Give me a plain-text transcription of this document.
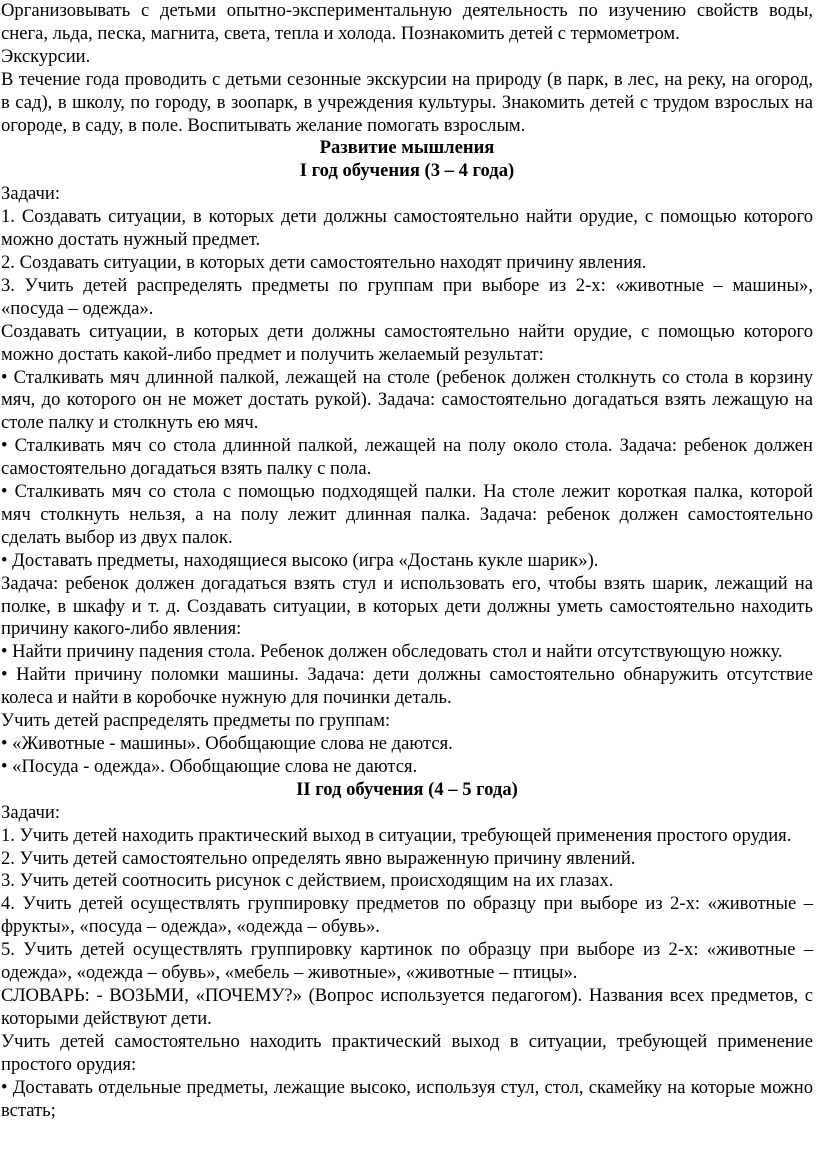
Организовывать с детьми опытно-экспериментальную деятельность по изучению свойств воды, снега, льда, песка, магнита, света, тепла и холода. Познакомить детей с термометром.

Экскурсии.

В течение года проводить с детьми сезонные экскурсии на природу (в парк, в лес, на реку, на огород, в сад), в школу, по городу, в зоопарк, в учреждения культуры. Знакомить детей с трудом взрослых на огороде, в саду, в поле. Воспитывать желание помогать взрослым.

Развитие мышления

I год обучения (3 – 4 года)

Задачи:

1. Создавать ситуации, в которых дети должны самостоятельно найти орудие, с помощью которого можно достать нужный предмет.

2. Создавать ситуации, в которых дети самостоятельно находят причину явления.

3. Учить детей распределять предметы по группам при выборе из 2-х: «животные – машины», «посуда – одежда».

Создавать ситуации, в которых дети должны самостоятельно найти орудие, с помощью которого можно достать какой-либо предмет и получить желаемый результат:

• Сталкивать мяч длинной палкой, лежащей на столе (ребенок должен столкнуть со стола в корзину мяч, до которого он не может достать рукой). Задача: самостоятельно догадаться взять лежащую на столе палку и столкнуть ею мяч.

• Сталкивать мяч со стола длинной палкой, лежащей на полу около стола. Задача: ребенок должен самостоятельно догадаться взять палку с пола.

• Сталкивать мяч со стола с помощью подходящей палки. На столе лежит короткая палка, которой мяч столкнуть нельзя, а на полу лежит длинная палка. Задача: ребенок должен самостоятельно сделать выбор из двух палок.

• Доставать предметы, находящиеся высоко (игра «Достань кукле шарик»).

Задача: ребенок должен догадаться взять стул и использовать его, чтобы взять шарик, лежащий на полке, в шкафу и т. д. Создавать ситуации, в которых дети должны уметь самостоятельно находить причину какого-либо явления:

• Найти причину падения стола. Ребенок должен обследовать стол и найти отсутствующую ножку.

• Найти причину поломки машины. Задача: дети должны самостоятельно обнаружить отсутствие колеса и найти в коробочке нужную для починки деталь.

Учить детей распределять предметы по группам:

• «Животные - машины». Обобщающие слова не даются.

• «Посуда - одежда». Обобщающие слова не даются.

II год обучения (4 – 5 года)

Задачи:

1. Учить детей находить практический выход в ситуации, требующей применения простого орудия.

2. Учить детей самостоятельно определять явно выраженную причину явлений.

3. Учить детей соотносить рисунок с действием, происходящим на их глазах.

4. Учить детей осуществлять группировку предметов по образцу при выборе из 2-х: «животные – фрукты», «посуда – одежда», «одежда – обувь».

5. Учить детей осуществлять группировку картинок по образцу при выборе из 2-х: «животные – одежда», «одежда – обувь», «мебель – животные», «животные – птицы».

СЛОВАРЬ: - ВОЗЬМИ, «ПОЧЕМУ?» (Вопрос используется педагогом). Названия всех предметов, с которыми действуют дети.

Учить детей самостоятельно находить практический выход в ситуации, требующей применение простого орудия:

• Доставать отдельные предметы, лежащие высоко, используя стул, стол, скамейку на которые можно встать;
